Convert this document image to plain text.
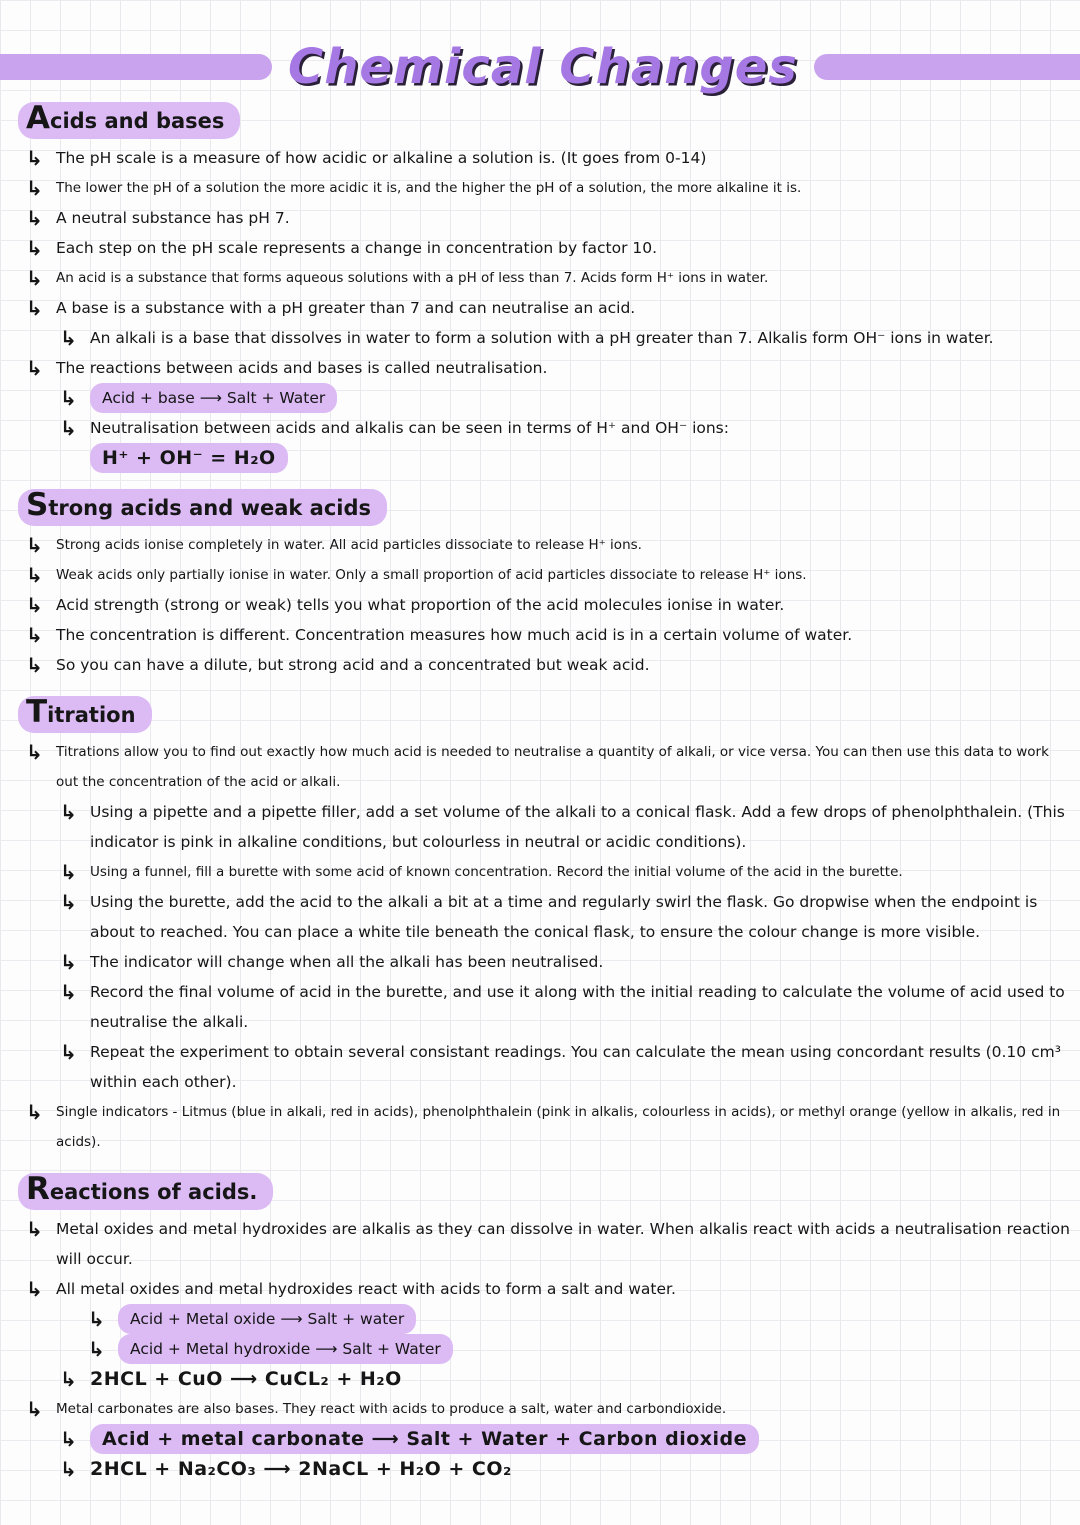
Chemical Changes
Acids and bases
↳ The pH scale is a measure of how acidic or alkaline a solution is. (It goes from 0-14)
↳ The lower the pH of a solution the more acidic it is, and the higher the pH of a solution, the more alkaline it is.
↳ A neutral substance has pH 7.
↳ Each step on the pH scale represents a change in concentration by factor 10.
↳ An acid is a substance that forms aqueous solutions with a pH of less than 7. Acids form H⁺ ions in water.
↳ A base is a substance with a pH greater than 7 and can neutralise an acid.
↳ An alkali is a base that dissolves in water to form a solution with a pH greater than 7. Alkalis form OH⁻ ions in water.
↳ The reactions between acids and bases is called neutralisation.
↳	Acid + base ⟶ Salt + Water
↳ Neutralisation between acids and alkalis can be seen in terms of H⁺ and OH⁻ ions:
H⁺ + OH⁻ = H₂O
Strong acids and weak acids
↳ Strong acids ionise completely in water. All acid particles dissociate to release H⁺ ions.
↳ Weak acids only partially ionise in water. Only a small proportion of acid particles dissociate to release H⁺ ions.
↳ Acid strength (strong or weak) tells you what proportion of the acid molecules ionise in water.
↳ The concentration is different. Concentration measures how much acid is in a certain volume of water.
↳ So you can have a dilute, but strong acid and a concentrated but weak acid.
Titration
↳ Titrations allow you to find out exactly how much acid is needed to neutralise a quantity of alkali, or vice versa. You can then use this data to work out the concentration of the acid or alkali.
↳ Using a pipette and a pipette filler, add a set volume of the alkali to a conical flask. Add a few drops of phenolphthalein. (This indicator is pink in alkaline conditions, but colourless in neutral or acidic conditions).
↳ Using a funnel, fill a burette with some acid of known concentration. Record the initial volume of the acid in the burette.
↳ Using the burette, add the acid to the alkali a bit at a time and regularly swirl the flask. Go dropwise when the endpoint is about to reached. You can place a white tile beneath the conical flask, to ensure the colour change is more visible.
↳ The indicator will change when all the alkali has been neutralised.
↳ Record the final volume of acid in the burette, and use it along with the initial reading to calculate the volume of acid used to neutralise the alkali.
↳ Repeat the experiment to obtain several consistant readings. You can calculate the mean using concordant results (0.10 cm³ within each other).
↳ Single indicators - Litmus (blue in alkali, red in acids), phenolphthalein (pink in alkalis, colourless in acids), or methyl orange (yellow in alkalis, red in acids).
Reactions of acids.
↳ Metal oxides and metal hydroxides are alkalis as they can dissolve in water. When alkalis react with acids a neutralisation reaction will occur.
↳ All metal oxides and metal hydroxides react with acids to form a salt and water.
↳	Acid + Metal oxide ⟶ Salt + water
↳	Acid + Metal hydroxide ⟶ Salt + Water
↳ 2HCL + CuO ⟶ CuCL₂ + H₂O
↳ Metal carbonates are also bases. They react with acids to produce a salt, water and carbondioxide.
↳	Acid + metal carbonate ⟶ Salt + Water + Carbon dioxide
↳ 2HCL + Na₂CO₃ ⟶ 2NaCL + H₂O + CO₂
